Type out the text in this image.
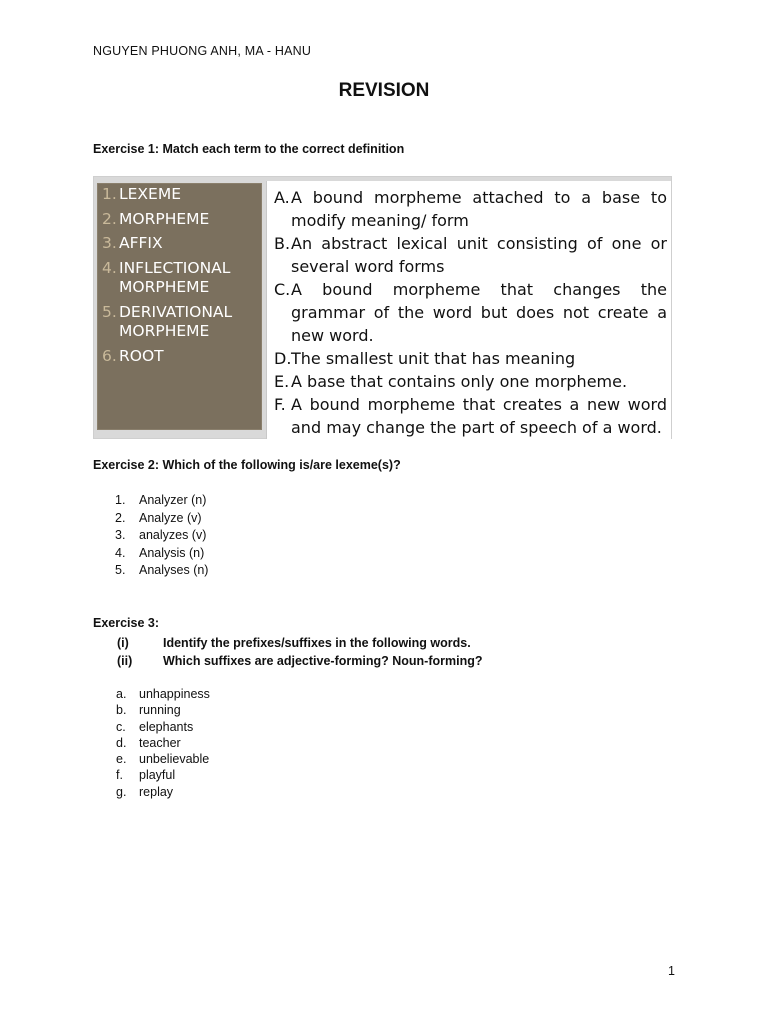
NGUYEN PHUONG ANH, MA - HANU
REVISION
Exercise 1: Match each term to the correct definition
1. LEXEME
2. MORPHEME
3. AFFIX
4. INFLECTIONAL MORPHEME
5. DERIVATIONAL MORPHEME
6. ROOT
A. A bound morpheme attached to a base to modify meaning/ form
B. An abstract lexical unit consisting of one or several word forms
C. A bound morpheme that changes the grammar of the word but does not create a new word.
D. The smallest unit that has meaning
E. A base that contains only one morpheme.
F. A bound morpheme that creates a new word and may change the part of speech of a word.
Exercise 2: Which of the following is/are lexeme(s)?
1.	Analyzer (n)
2.	Analyze (v)
3.	analyzes (v)
4.	Analysis (n)
5.	Analyses (n)
Exercise 3:
(i)	Identify the prefixes/suffixes in the following words.
(ii)	Which suffixes are adjective-forming? Noun-forming?
a.	unhappiness
b.	running
c.	elephants
d.	teacher
e.	unbelievable
f.	playful
g.	replay
1
